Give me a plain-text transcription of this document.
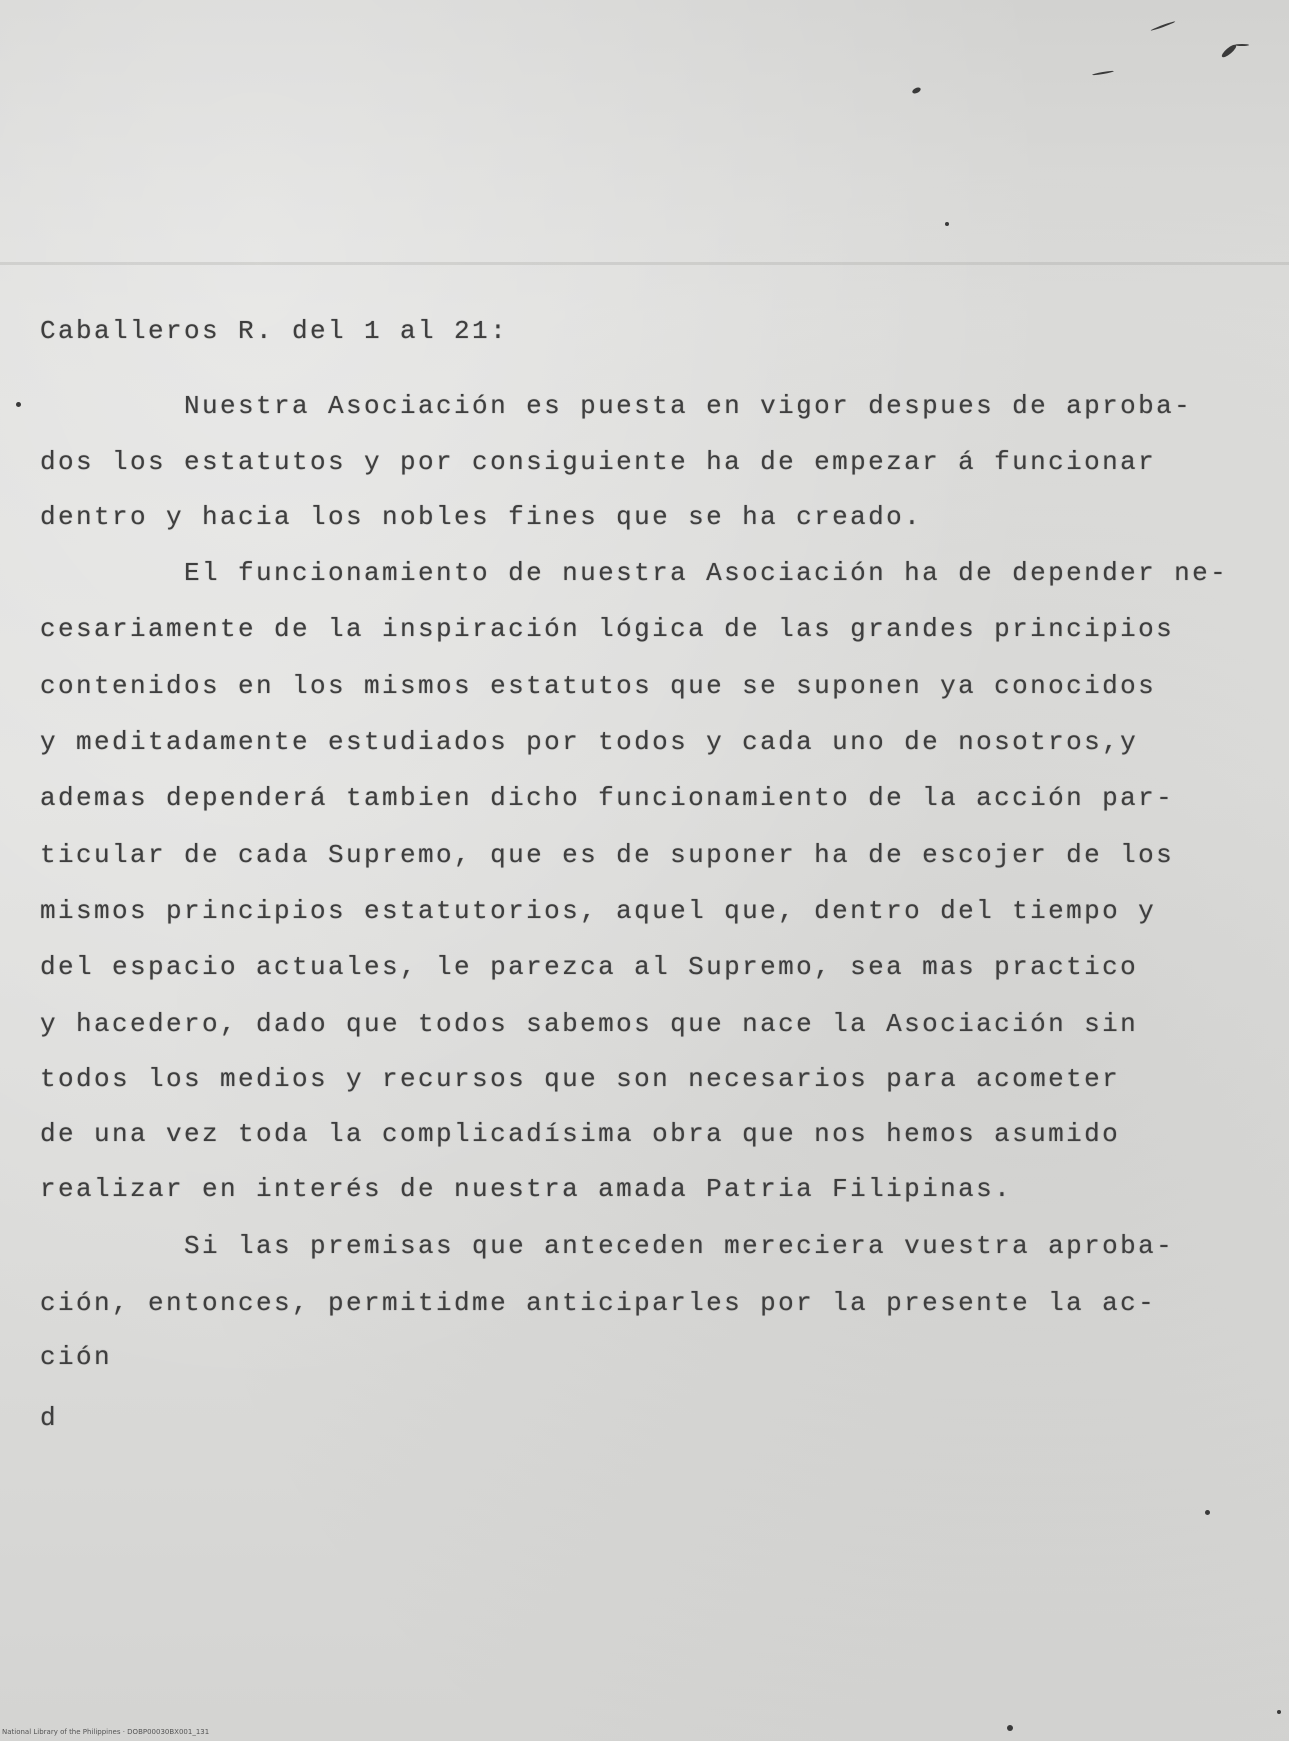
Caballeros R. del 1 al 21:
Nuestra Asociación es puesta en vigor despues de aproba-
dos los estatutos y por consiguiente ha de empezar á funcionar
dentro y hacia los nobles fines que se ha creado.
El funcionamiento de nuestra Asociación ha de depender ne-
cesariamente de la inspiración lógica de las grandes principios
contenidos en los mismos estatutos que se suponen ya conocidos
y meditadamente estudiados por todos y cada uno de nosotros,y
ademas dependerá tambien dicho funcionamiento de la acción par-
ticular de cada Supremo, que es de suponer ha de escojer de los
mismos principios estatutorios, aquel que, dentro del tiempo y
del espacio actuales, le parezca al Supremo, sea mas practico
y hacedero, dado que todos sabemos que nace la Asociación sin
todos los medios y recursos que son necesarios para acometer
de una vez toda la complicadísima obra que nos hemos asumido
realizar en interés de nuestra amada Patria Filipinas.
Si las premisas que anteceden mereciera vuestra aproba-
ción, entonces, permitidme anticiparles por la presente la ac-
ción
d
National Library of the Philippines · DOBP00030BX001_131
